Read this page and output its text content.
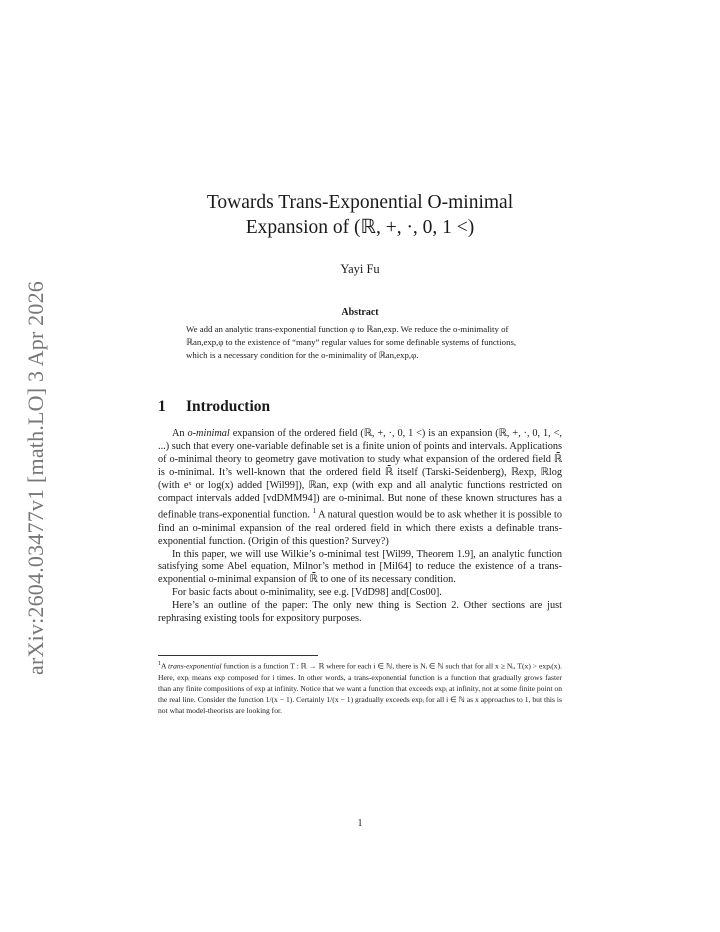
arXiv:2604.03477v1 [math.LO] 3 Apr 2026
Towards Trans-Exponential O-minimal
Expansion of (ℝ, +, ·, 0, 1 <)
Yayi Fu
Abstract
We add an analytic trans-exponential function φ to ℝan,exp. We reduce the o-minimality of ℝan,exp,φ to the existence of “many” regular values for some definable systems of functions, which is a necessary condition for the o-minimality of ℝan,exp,φ.
1 Introduction

An o-minimal expansion of the ordered field (ℝ, +, ·, 0, 1 <) is an expansion (ℝ, +, ·, 0, 1, <, ...) such that every one-variable definable set is a finite union of points and intervals. Applications of o-minimal theory to geometry gave motivation to study what expansion of the ordered field ℝ̄ is o-minimal. It’s well-known that the ordered field ℝ̄ itself (Tarski-Seidenberg), ℝexp, ℝlog (with eˣ or log(x) added [Wil99]), ℝan, exp (with exp and all analytic functions restricted on compact intervals added [vdDMM94]) are o-minimal. But none of these known structures has a definable trans-exponential function. $^1$ A natural question would be to ask whether it is possible to find an o-minimal expansion of the real ordered field in which there exists a definable trans-exponential function. (Origin of this question? Survey?)

In this paper, we will use Wilkie’s o-minimal test [Wil99, Theorem 1.9], an analytic function satisfying some Abel equation, Milnor’s method in [Mil64] to reduce the existence of a trans-exponential o-minimal expansion of ℝ̄ to one of its necessary condition.

For basic facts about o-minimality, see e.g. [VdD98] and[Cos00].

Here’s an outline of the paper: The only new thing is Section 2. Other sections are just rephrasing existing tools for expository purposes.

$^1$A trans-exponential function is a function T : ℝ → ℝ where for each i ∈ ℕ, there is Nᵢ ∈ ℕ such that for all x ≥ Nᵢ, T(x) > expᵢ(x). Here, expᵢ means exp composed for i times. In other words, a trans-exponential function is a function that gradually grows faster than any finite compositions of exp at infinity. Notice that we want a function that exceeds expᵢ at infinity, not at some finite point on the real line. Consider the function 1/(x − 1). Certainly 1/(x − 1) gradually exceeds expᵢ for all i ∈ ℕ as x approaches to 1, but this is not what model-theorists are looking for.
1
